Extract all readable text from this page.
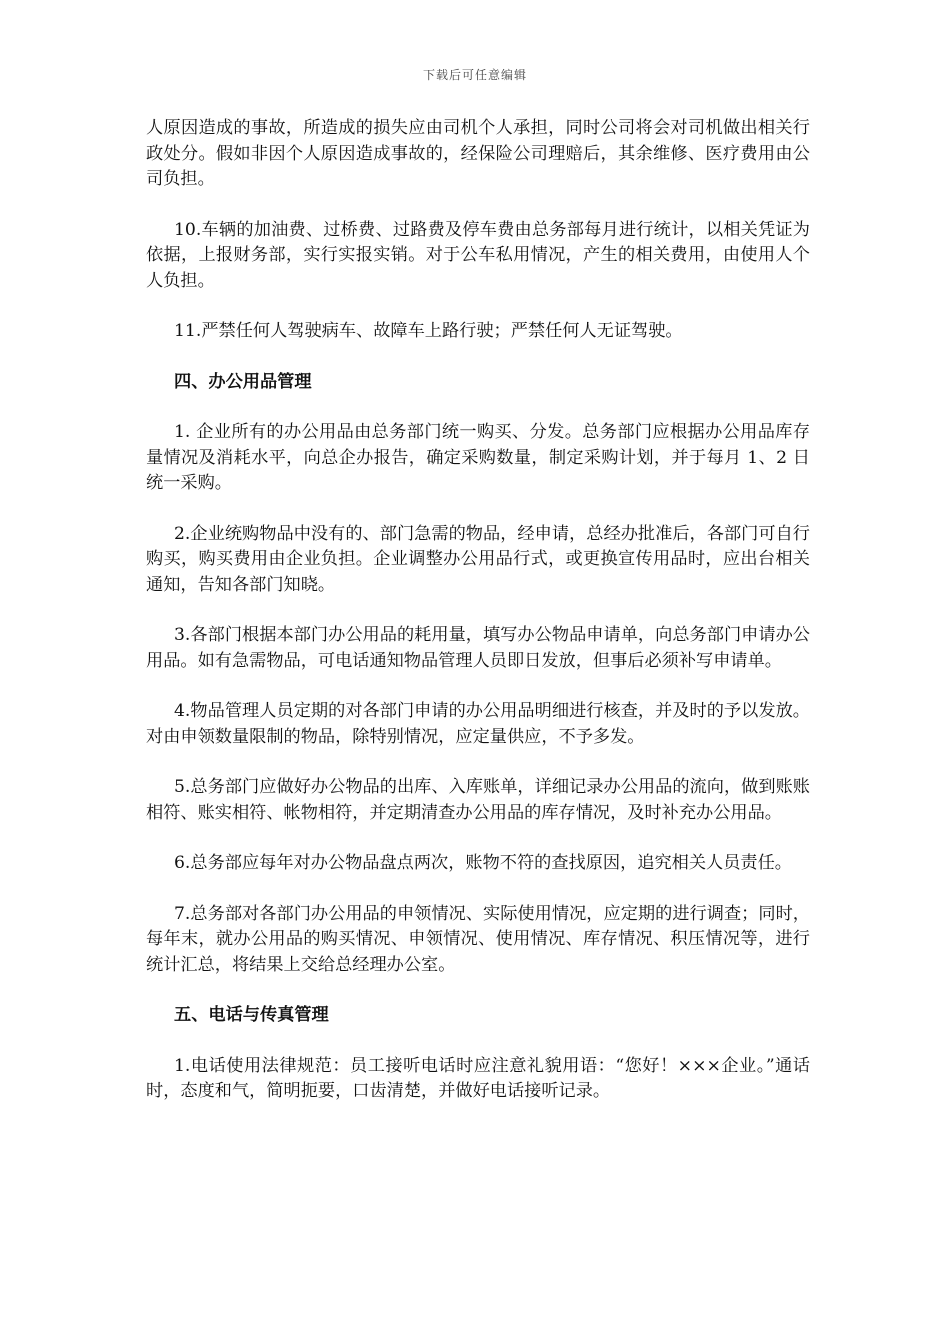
下载后可任意编辑

人原因造成的事故，所造成的损失应由司机个人承担，同时公司将会对司机做出相关行政处分。假如非因个人原因造成事故的，经保险公司理赔后，其余维修、医疗费用由公司负担。

10.车辆的加油费、过桥费、过路费及停车费由总务部每月进行统计，以相关凭证为依据，上报财务部，实行实报实销。对于公车私用情况，产生的相关费用，由使用人个人负担。

11.严禁任何人驾驶病车、故障车上路行驶；严禁任何人无证驾驶。

四、办公用品管理

1. 企业所有的办公用品由总务部门统一购买、分发。总务部门应根据办公用品库存量情况及消耗水平，向总企办报告，确定采购数量，制定采购计划，并于每月 1、2 日统一采购。

2.企业统购物品中没有的、部门急需的物品，经申请，总经办批准后，各部门可自行购买，购买费用由企业负担。企业调整办公用品行式，或更换宣传用品时，应出台相关通知，告知各部门知晓。

3.各部门根据本部门办公用品的耗用量，填写办公物品申请单，向总务部门申请办公用品。如有急需物品，可电话通知物品管理人员即日发放，但事后必须补写申请单。

4.物品管理人员定期的对各部门申请的办公用品明细进行核查，并及时的予以发放。对由申领数量限制的物品，除特别情况，应定量供应，不予多发。

5.总务部门应做好办公物品的出库、入库账单，详细记录办公用品的流向，做到账账相符、账实相符、帐物相符，并定期清查办公用品的库存情况，及时补充办公用品。

6.总务部应每年对办公物品盘点两次，账物不符的查找原因，追究相关人员责任。

7.总务部对各部门办公用品的申领情况、实际使用情况，应定期的进行调查；同时，每年末，就办公用品的购买情况、申领情况、使用情况、库存情况、积压情况等，进行统计汇总，将结果上交给总经理办公室。

五、电话与传真管理

1.电话使用法律规范：员工接听电话时应注意礼貌用语：“您好！×××企业。”通话时，态度和气，简明扼要，口齿清楚，并做好电话接听记录。
